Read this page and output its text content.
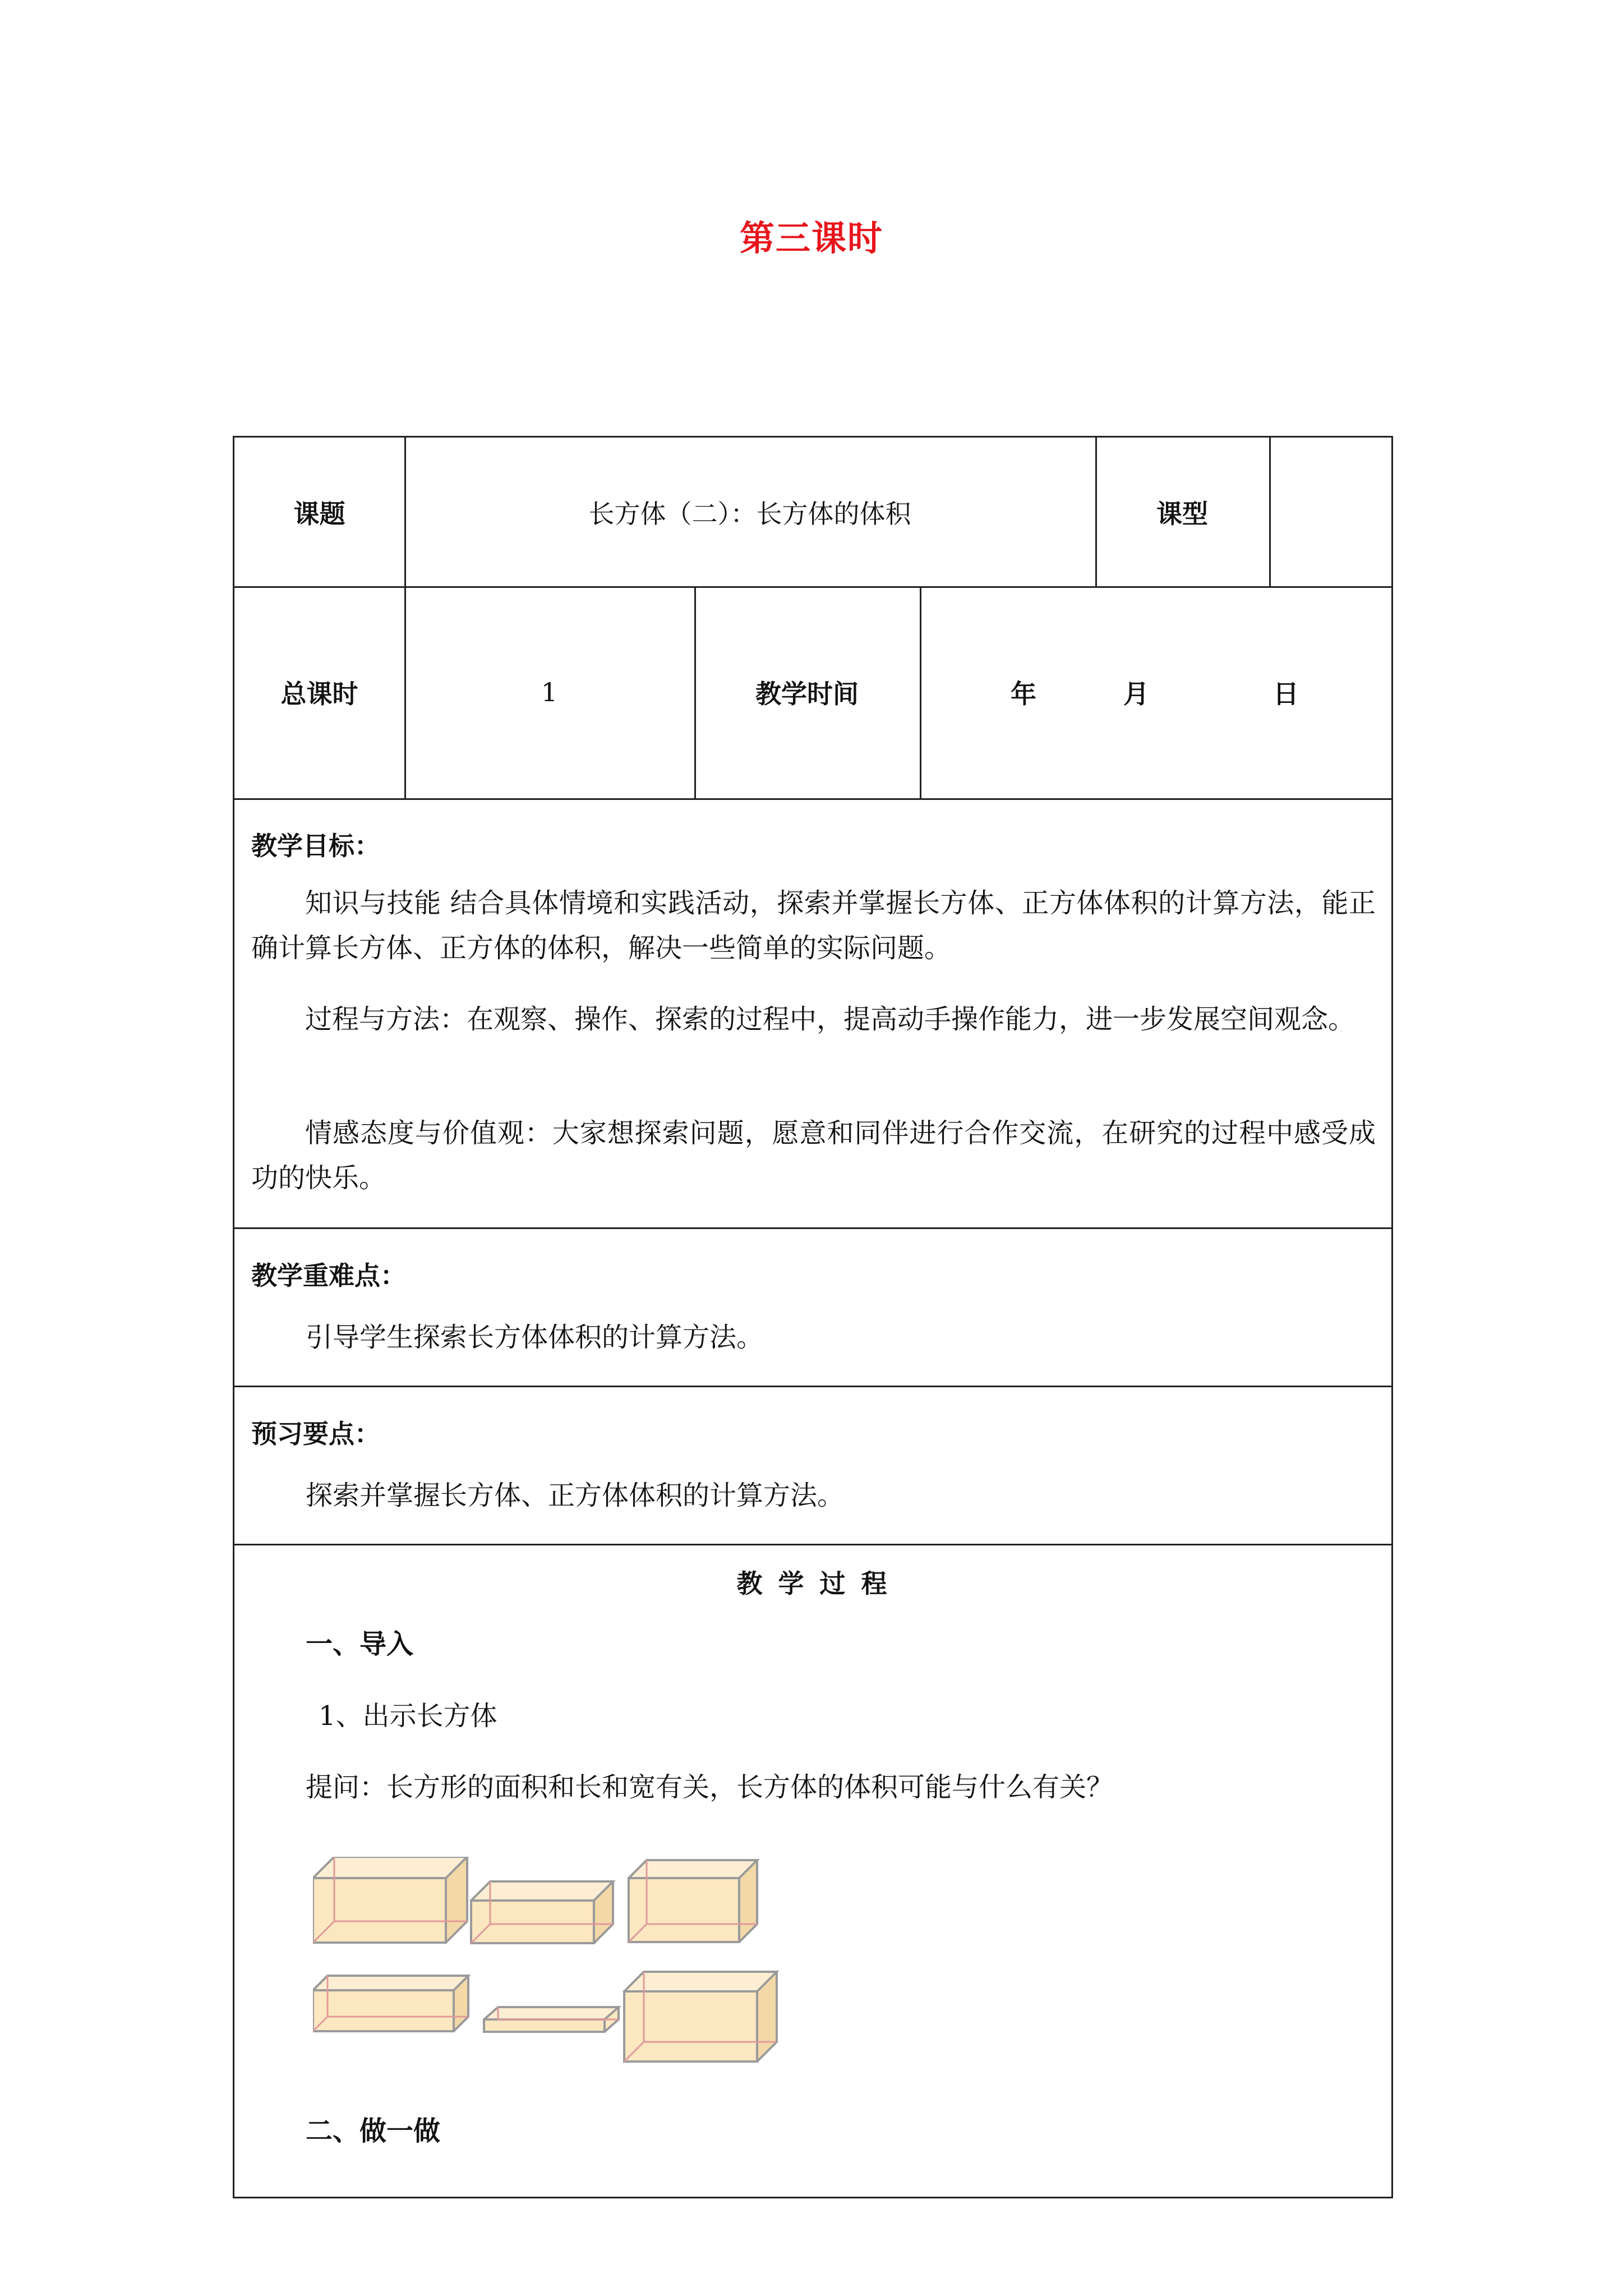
第三课时
课题	长方体（二）：长方体的体积	课型
总课时	1	教学时间	年	月	日
教学目标：
知识与技能 结合具体情境和实践活动，探索并掌握长方体、正方体体积的计算方法，能正确计算长方体、正方体的体积，解决一些简单的实际问题。
过程与方法：在观察、操作、探索的过程中，提高动手操作能力，进一步发展空间观念。
情感态度与价值观：大家想探索问题，愿意和同伴进行合作交流，在研究的过程中感受成功的快乐。
教学重难点：
引导学生探索长方体体积的计算方法。
预习要点：
探索并掌握长方体、正方体体积的计算方法。
教 学 过 程
一、导入
1、出示长方体
提问：长方形的面积和长和宽有关，长方体的体积可能与什么有关？
二、做一做
